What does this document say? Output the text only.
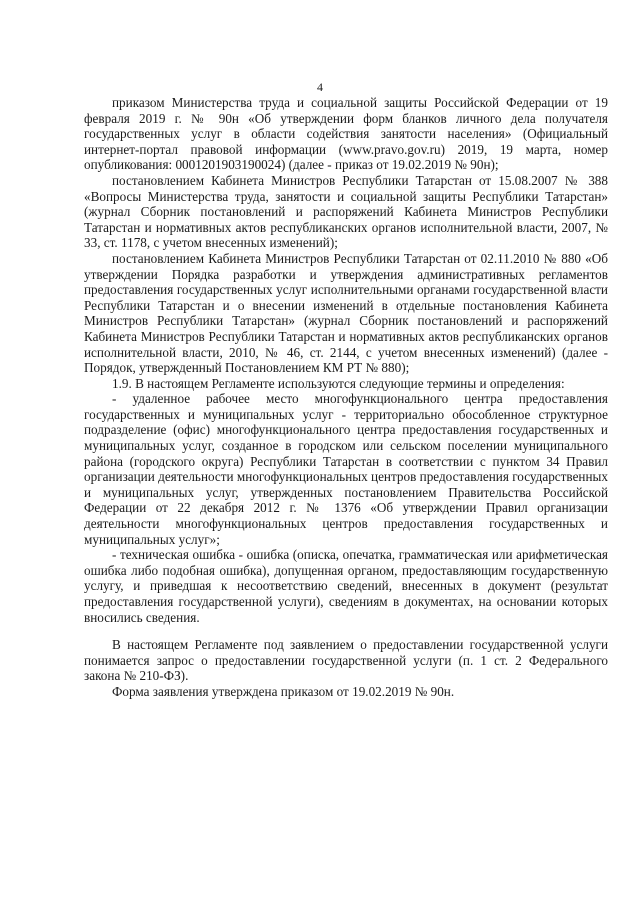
4

приказом Министерства труда и социальной защиты Российской Федерации от 19 февраля 2019 г. № 90н «Об утверждении форм бланков личного дела получателя государственных услуг в области содействия занятости населения» (Официальный интернет-портал правовой информации (www.pravo.gov.ru) 2019, 19 марта, номер опубликования: 0001201903190024) (далее - приказ от 19.02.2019 № 90н);

постановлением Кабинета Министров Республики Татарстан от 15.08.2007 № 388 «Вопросы Министерства труда, занятости и социальной защиты Республики Татарстан» (журнал Сборник постановлений и распоряжений Кабинета Министров Республики Татарстан и нормативных актов республиканских органов исполнительной власти, 2007, № 33, ст. 1178, с учетом внесенных изменений);

постановлением Кабинета Министров Республики Татарстан от 02.11.2010 № 880 «Об утверждении Порядка разработки и утверждения административных регламентов предоставления государственных услуг исполнительными органами государственной власти Республики Татарстан и о внесении изменений в отдельные постановления Кабинета Министров Республики Татарстан» (журнал Сборник постановлений и распоряжений Кабинета Министров Республики Татарстан и нормативных актов республиканских органов исполнительной власти, 2010, № 46, ст. 2144, с учетом внесенных изменений) (далее - Порядок, утвержденный Постановлением КМ РТ № 880);

1.9. В настоящем Регламенте используются следующие термины и определения:

- удаленное рабочее место многофункционального центра предоставления государственных и муниципальных услуг - территориально обособленное структурное подразделение (офис) многофункционального центра предоставления государственных и муниципальных услуг, созданное в городском или сельском поселении муниципального района (городского округа) Республики Татарстан в соответствии с пунктом 34 Правил организации деятельности многофункциональных центров предоставления государственных и муниципальных услуг, утвержденных постановлением Правительства Российской Федерации от 22 декабря 2012 г. № 1376 «Об утверждении Правил организации деятельности многофункциональных центров предоставления государственных и муниципальных услуг»;

- техническая ошибка - ошибка (описка, опечатка, грамматическая или арифметическая ошибка либо подобная ошибка), допущенная органом, предоставляющим государственную услугу, и приведшая к несоответствию сведений, внесенных в документ (результат предоставления государственной услуги), сведениям в документах, на основании которых вносились сведения.

В настоящем Регламенте под заявлением о предоставлении государственной услуги понимается запрос о предоставлении государственной услуги (п. 1 ст. 2 Федерального закона № 210-ФЗ).

Форма заявления утверждена приказом от 19.02.2019 № 90н.
